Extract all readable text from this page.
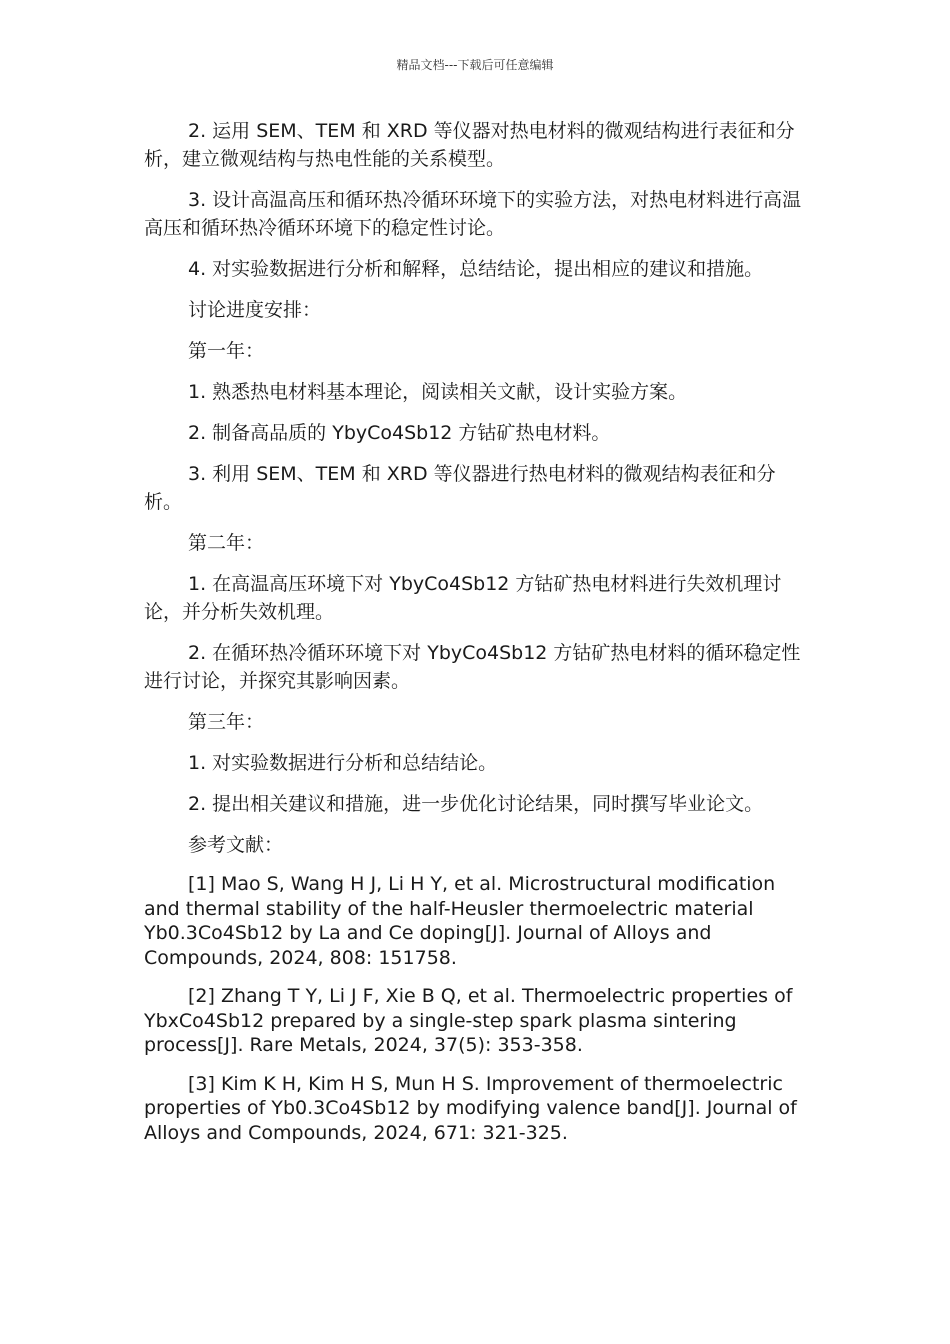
精品文档---下载后可任意编辑

2. 运用 SEM、TEM 和 XRD 等仪器对热电材料的微观结构进行表征和分析，建立微观结构与热电性能的关系模型。

3. 设计高温高压和循环热冷循环环境下的实验方法，对热电材料进行高温高压和循环热冷循环环境下的稳定性讨论。

4. 对实验数据进行分析和解释，总结结论，提出相应的建议和措施。

讨论进度安排：

第一年：

1. 熟悉热电材料基本理论，阅读相关文献，设计实验方案。

2. 制备高品质的 YbyCo4Sb12 方钴矿热电材料。

3. 利用 SEM、TEM 和 XRD 等仪器进行热电材料的微观结构表征和分析。

第二年：

1. 在高温高压环境下对 YbyCo4Sb12 方钴矿热电材料进行失效机理讨论，并分析失效机理。

2. 在循环热冷循环环境下对 YbyCo4Sb12 方钴矿热电材料的循环稳定性进行讨论，并探究其影响因素。

第三年：

1. 对实验数据进行分析和总结结论。

2. 提出相关建议和措施，进一步优化讨论结果，同时撰写毕业论文。

参考文献：

[1] Mao S, Wang H J, Li H Y, et al. Microstructural modification and thermal stability of the half-Heusler thermoelectric material Yb0.3Co4Sb12 by La and Ce doping[J]. Journal of Alloys and Compounds, 2024, 808: 151758.

[2] Zhang T Y, Li J F, Xie B Q, et al. Thermoelectric properties of YbxCo4Sb12 prepared by a single-step spark plasma sintering process[J]. Rare Metals, 2024, 37(5): 353-358.

[3] Kim K H, Kim H S, Mun H S. Improvement of thermoelectric properties of Yb0.3Co4Sb12 by modifying valence band[J]. Journal of Alloys and Compounds, 2024, 671: 321-325.
